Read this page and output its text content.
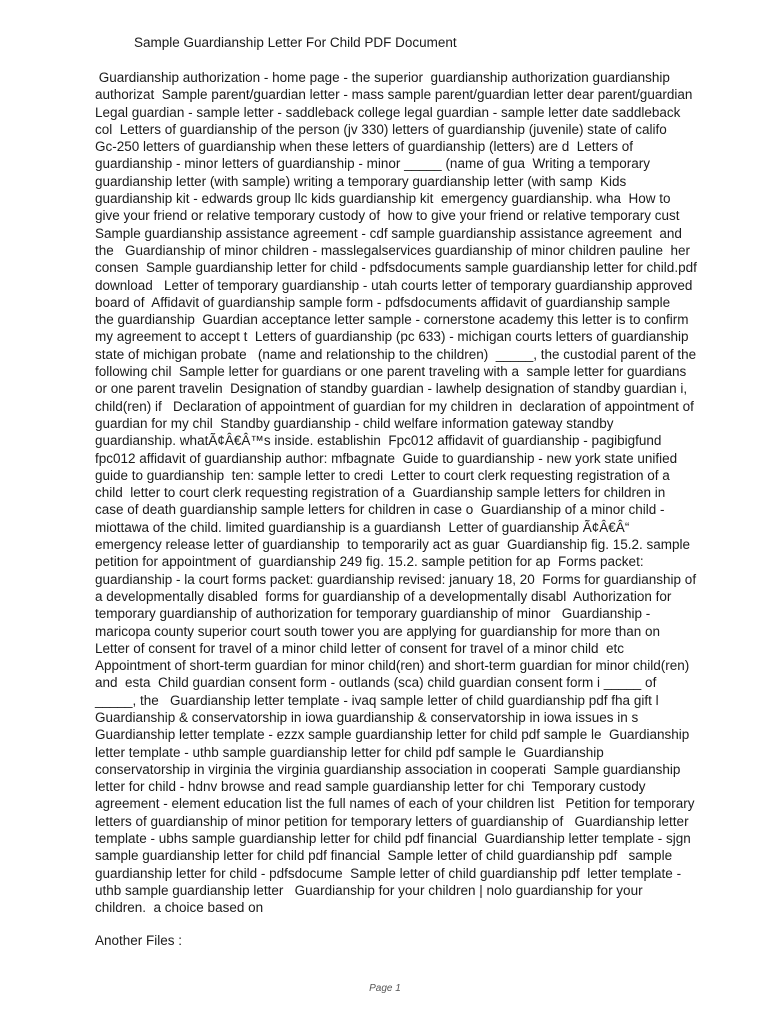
Sample Guardianship Letter For Child PDF Document
Guardianship authorization - home page - the superior  guardianship authorization guardianship
authorizat  Sample parent/guardian letter - mass sample parent/guardian letter dear parent/guardian
Legal guardian - sample letter - saddleback college legal guardian - sample letter date saddleback
col  Letters of guardianship of the person (jv 330) letters of guardianship (juvenile) state of califo
Gc-250 letters of guardianship when these letters of guardianship (letters) are d  Letters of
guardianship - minor letters of guardianship - minor _____ (name of gua  Writing a temporary
guardianship letter (with sample) writing a temporary guardianship letter (with samp  Kids
guardianship kit - edwards group llc kids guardianship kit  emergency guardianship. wha  How to
give your friend or relative temporary custody of  how to give your friend or relative temporary cust
Sample guardianship assistance agreement - cdf sample guardianship assistance agreement  and
the   Guardianship of minor children - masslegalservices guardianship of minor children pauline  her
consen  Sample guardianship letter for child - pdfsdocuments sample guardianship letter for child.pdf
download   Letter of temporary guardianship - utah courts letter of temporary guardianship approved
board of  Affidavit of guardianship sample form - pdfsdocuments affidavit of guardianship sample
the guardianship  Guardian acceptance letter sample - cornerstone academy this letter is to confirm
my agreement to accept t  Letters of guardianship (pc 633) - michigan courts letters of guardianship
state of michigan probate   (name and relationship to the children)  _____, the custodial parent of the
following chil  Sample letter for guardians or one parent traveling with a  sample letter for guardians
or one parent travelin  Designation of standby guardian - lawhelp designation of standby guardian i,
child(ren) if   Declaration of appointment of guardian for my children in  declaration of appointment of
guardian for my chil  Standby guardianship - child welfare information gateway standby
guardianship. whatÃ¢Â€Â™s inside. establishin  Fpc012 affidavit of guardianship - pagibigfund
fpc012 affidavit of guardianship author: mfbagnate  Guide to guardianship - new york state unified
guide to guardianship  ten: sample letter to credi  Letter to court clerk requesting registration of a
child  letter to court clerk requesting registration of a  Guardianship sample letters for children in
case of death guardianship sample letters for children in case o  Guardianship of a minor child -
miottawa of the child. limited guardianship is a guardiansh  Letter of guardianship Ã¢Â€Â“
emergency release letter of guardianship  to temporarily act as guar  Guardianship fig. 15.2. sample
petition for appointment of  guardianship 249 fig. 15.2. sample petition for ap  Forms packet:
guardianship - la court forms packet: guardianship revised: january 18, 20  Forms for guardianship of
a developmentally disabled  forms for guardianship of a developmentally disabl  Authorization for
temporary guardianship of authorization for temporary guardianship of minor   Guardianship -
maricopa county superior court south tower you are applying for guardianship for more than on
Letter of consent for travel of a minor child letter of consent for travel of a minor child  etc
Appointment of short-term guardian for minor child(ren) and short-term guardian for minor child(ren)
and  esta  Child guardian consent form - outlands (sca) child guardian consent form i _____ of
_____, the   Guardianship letter template - ivaq sample letter of child guardianship pdf fha gift l
Guardianship & conservatorship in iowa guardianship & conservatorship in iowa issues in s
Guardianship letter template - ezzx sample guardianship letter for child pdf sample le  Guardianship
letter template - uthb sample guardianship letter for child pdf sample le  Guardianship
conservatorship in virginia the virginia guardianship association in cooperati  Sample guardianship
letter for child - hdnv browse and read sample guardianship letter for chi  Temporary custody
agreement - element education list the full names of each of your children list   Petition for temporary
letters of guardianship of minor petition for temporary letters of guardianship of   Guardianship letter
template - ubhs sample guardianship letter for child pdf financial  Guardianship letter template - sjgn
sample guardianship letter for child pdf financial  Sample letter of child guardianship pdf   sample
guardianship letter for child - pdfsdocume  Sample letter of child guardianship pdf  letter template -
uthb sample guardianship letter   Guardianship for your children | nolo guardianship for your
children.  a choice based on
Another Files :
Page 1
